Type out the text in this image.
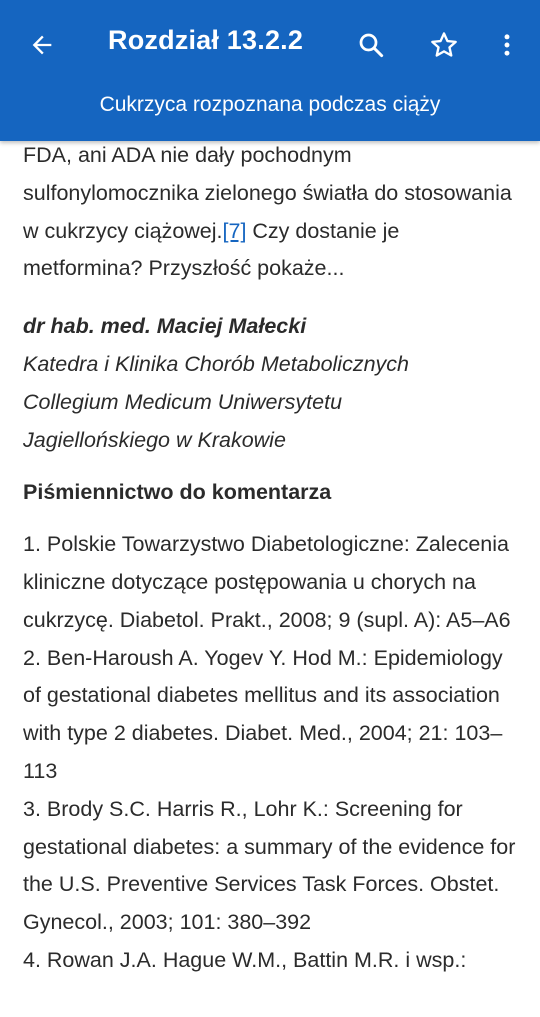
Rozdział 13.2.2
Cukrzyca rozpoznana podczas ciąży

FDA, ani ADA nie dały pochodnym sulfonylomocznika zielonego światła do stosowania w cukrzycy ciążowej.[7] Czy dostanie je metformina? Przyszłość pokaże...

dr hab. med. Maciej Małecki
Katedra i Klinika Chorób Metabolicznych
Collegium Medicum Uniwersytetu
Jagiellońskiego w Krakowie

Piśmiennictwo do komentarza

1. Polskie Towarzystwo Diabetologiczne: Zalecenia kliniczne dotyczące postępowania u chorych na cukrzycę. Diabetol. Prakt., 2008; 9 (supl. A): A5–A6

2. Ben-Haroush A. Yogev Y. Hod M.: Epidemiology of gestational diabetes mellitus and its association with type 2 diabetes. Diabet. Med., 2004; 21: 103–113

3. Brody S.C. Harris R., Lohr K.: Screening for gestational diabetes: a summary of the evidence for the U.S. Preventive Services Task Forces. Obstet. Gynecol., 2003; 101: 380–392

4. Rowan J.A. Hague W.M., Battin M.R. i wsp.:
